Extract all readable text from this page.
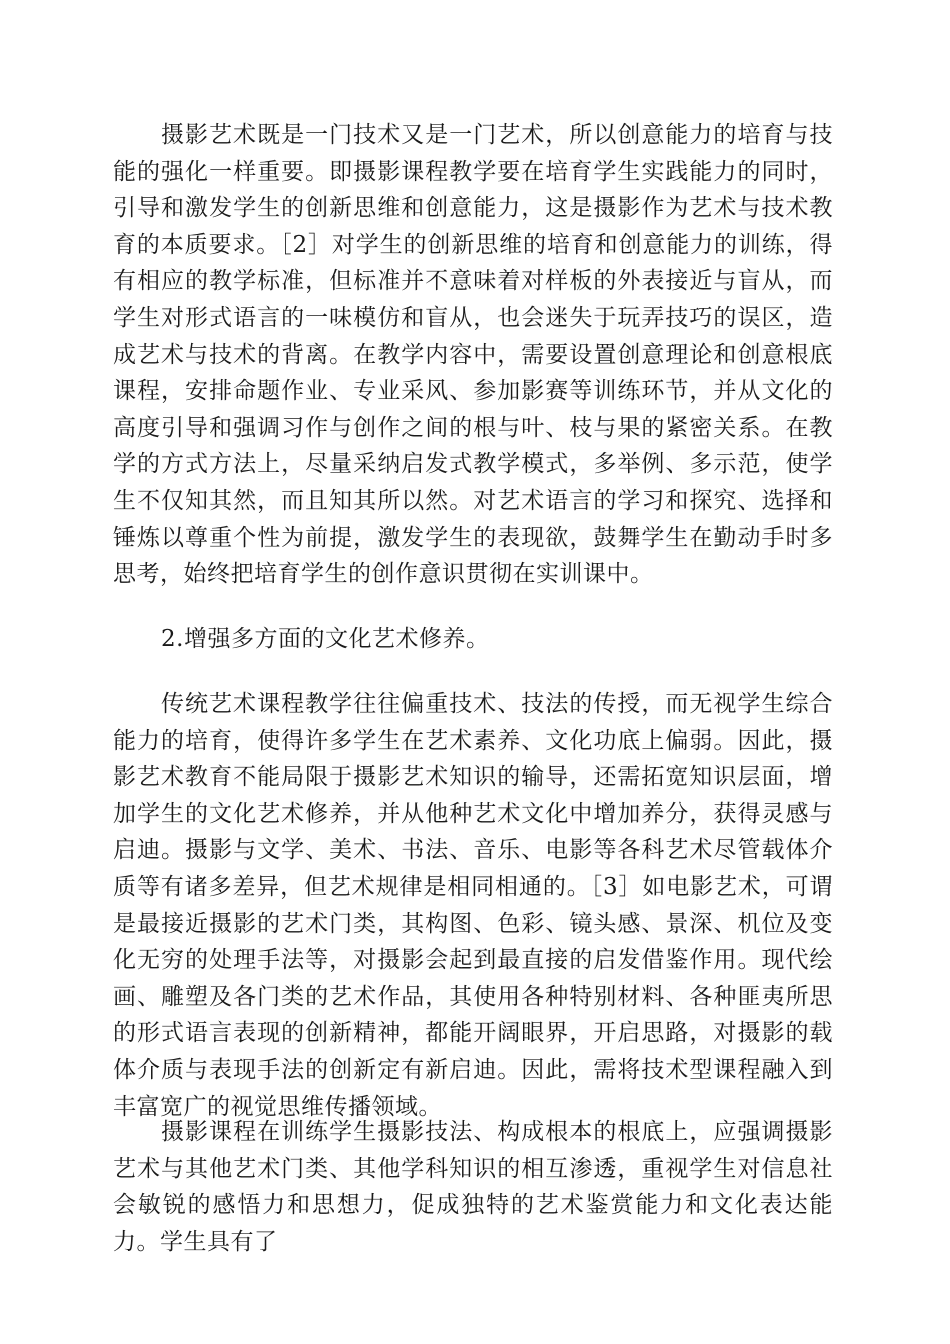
摄影艺术既是一门技术又是一门艺术，所以创意能力的培育与技能的强化一样重要。即摄影课程教学要在培育学生实践能力的同时，引导和激发学生的创新思维和创意能力，这是摄影作为艺术与技术教育的本质要求。［2］对学生的创新思维的培育和创意能力的训练，得有相应的教学标准，但标准并不意味着对样板的外表接近与盲从，而学生对形式语言的一味模仿和盲从，也会迷失于玩弄技巧的误区，造成艺术与技术的背离。在教学内容中，需要设置创意理论和创意根底课程，安排命题作业、专业采风、参加影赛等训练环节，并从文化的高度引导和强调习作与创作之间的根与叶、枝与果的紧密关系。在教学的方式方法上，尽量采纳启发式教学模式，多举例、多示范，使学生不仅知其然，而且知其所以然。对艺术语言的学习和探究、选择和锤炼以尊重个性为前提，激发学生的表现欲，鼓舞学生在勤动手时多思考，始终把培育学生的创作意识贯彻在实训课中。

2.增强多方面的文化艺术修养。

传统艺术课程教学往往偏重技术、技法的传授，而无视学生综合能力的培育，使得许多学生在艺术素养、文化功底上偏弱。因此，摄影艺术教育不能局限于摄影艺术知识的输导，还需拓宽知识层面，增加学生的文化艺术修养，并从他种艺术文化中增加养分，获得灵感与启迪。摄影与文学、美术、书法、音乐、电影等各科艺术尽管载体介质等有诸多差异，但艺术规律是相同相通的。［3］如电影艺术，可谓是最接近摄影的艺术门类，其构图、色彩、镜头感、景深、机位及变化无穷的处理手法等，对摄影会起到最直接的启发借鉴作用。现代绘画、雕塑及各门类的艺术作品，其使用各种特别材料、各种匪夷所思的形式语言表现的创新精神，都能开阔眼界，开启思路，对摄影的载体介质与表现手法的创新定有新启迪。因此，需将技术型课程融入到丰富宽广的视觉思维传播领域。

摄影课程在训练学生摄影技法、构成根本的根底上，应强调摄影艺术与其他艺术门类、其他学科知识的相互渗透，重视学生对信息社会敏锐的感悟力和思想力，促成独特的艺术鉴赏能力和文化表达能力。学生具有了
